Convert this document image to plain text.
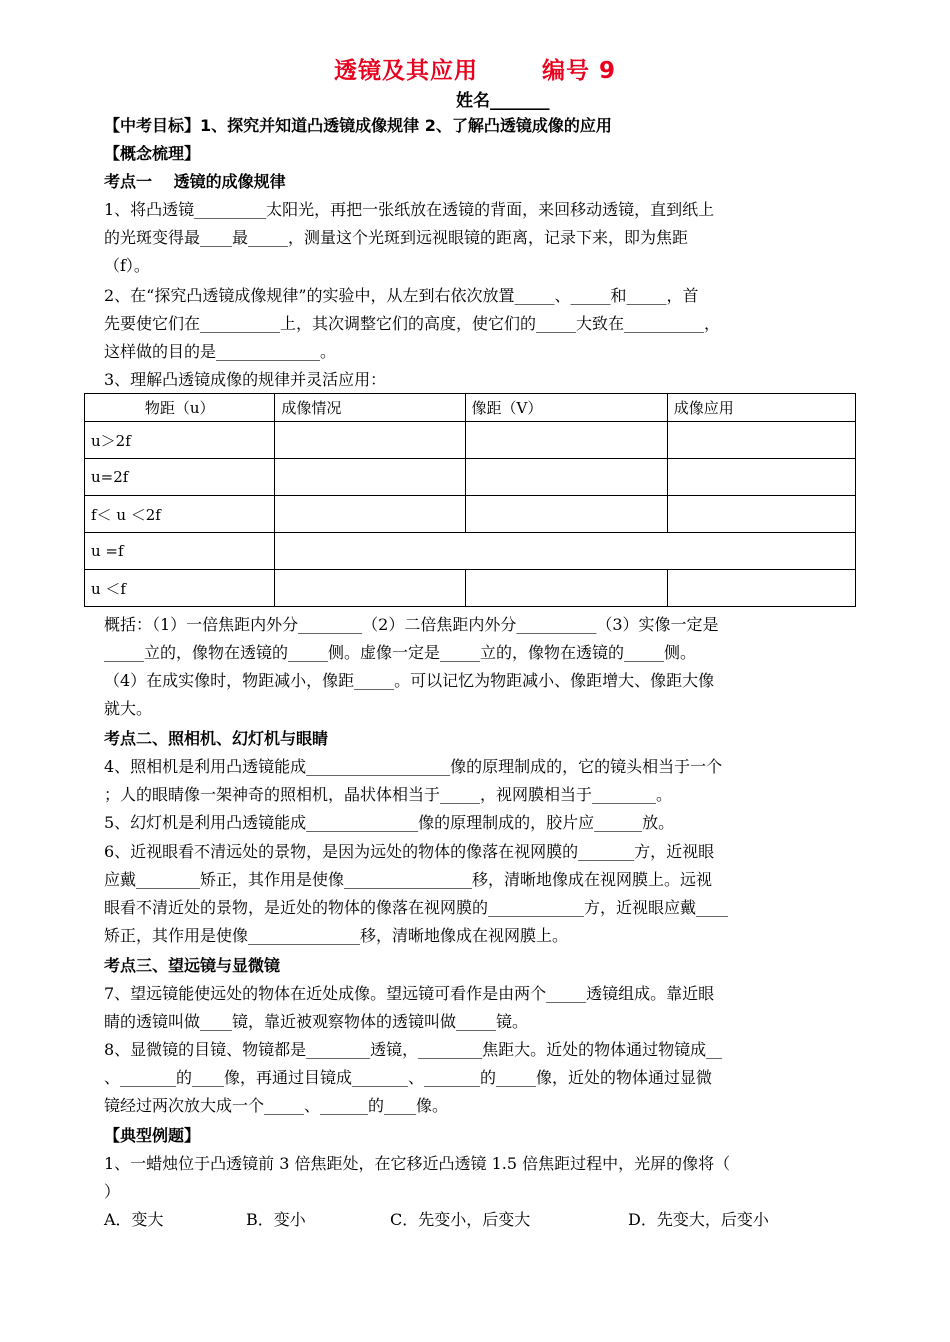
透镜及其应用	编号 9
姓名_______
【中考目标】1、探究并知道凸透镜成像规律 2、了解凸透镜成像的应用
【概念梳理】
考点一　 透镜的成像规律
1、将凸透镜_________太阳光，再把一张纸放在透镜的背面，来回移动透镜，直到纸上
的光斑变得最____最_____，测量这个光斑到远视眼镜的距离，记录下来，即为焦距
（f）。
2、在“探究凸透镜成像规律”的实验中，从左到右依次放置_____、_____和_____，首
先要使它们在__________上，其次调整它们的高度，使它们的_____大致在__________，
这样做的目的是_____________。
3、理解凸透镜成像的规律并灵活应用：
物距（u）	成像情况	像距（V）	成像应用
u＞2f			
u=2f			
f＜ u ＜2f			
u =f			
u ＜f			
概括：（1）一倍焦距内外分________（2）二倍焦距内外分__________（3）实像一定是
_____立的，像物在透镜的_____侧。虚像一定是_____立的，像物在透镜的_____侧。
（4）在成实像时，物距减小，像距_____。可以记忆为物距减小、像距增大、像距大像
就大。
考点二、照相机、幻灯机与眼睛
4、照相机是利用凸透镜能成__________________像的原理制成的，它的镜头相当于一个
；人的眼睛像一架神奇的照相机，晶状体相当于_____，视网膜相当于________。
5、幻灯机是利用凸透镜能成______________像的原理制成的，胶片应______放。
6、近视眼看不清远处的景物，是因为远处的物体的像落在视网膜的_______方，近视眼
应戴________矫正，其作用是使像________________移，清晰地像成在视网膜上。远视
眼看不清近处的景物，是近处的物体的像落在视网膜的____________方，近视眼应戴____
矫正，其作用是使像______________移，清晰地像成在视网膜上。
考点三、望远镜与显微镜
7、望远镜能使远处的物体在近处成像。望远镜可看作是由两个_____透镜组成。靠近眼
睛的透镜叫做____镜，靠近被观察物体的透镜叫做_____镜。
8、显微镜的目镜、物镜都是________透镜，________焦距大。近处的物体通过物镜成__
、_______的____像，再通过目镜成_______、_______的_____像，近处的物体通过显微
镜经过两次放大成一个_____、______的____像。
【典型例题】
1、一蜡烛位于凸透镜前 3 倍焦距处，在它移近凸透镜 1.5 倍焦距过程中，光屏的像将（
）
A．变大	B．变小	C．先变小，后变大	D．先变大，后变小
